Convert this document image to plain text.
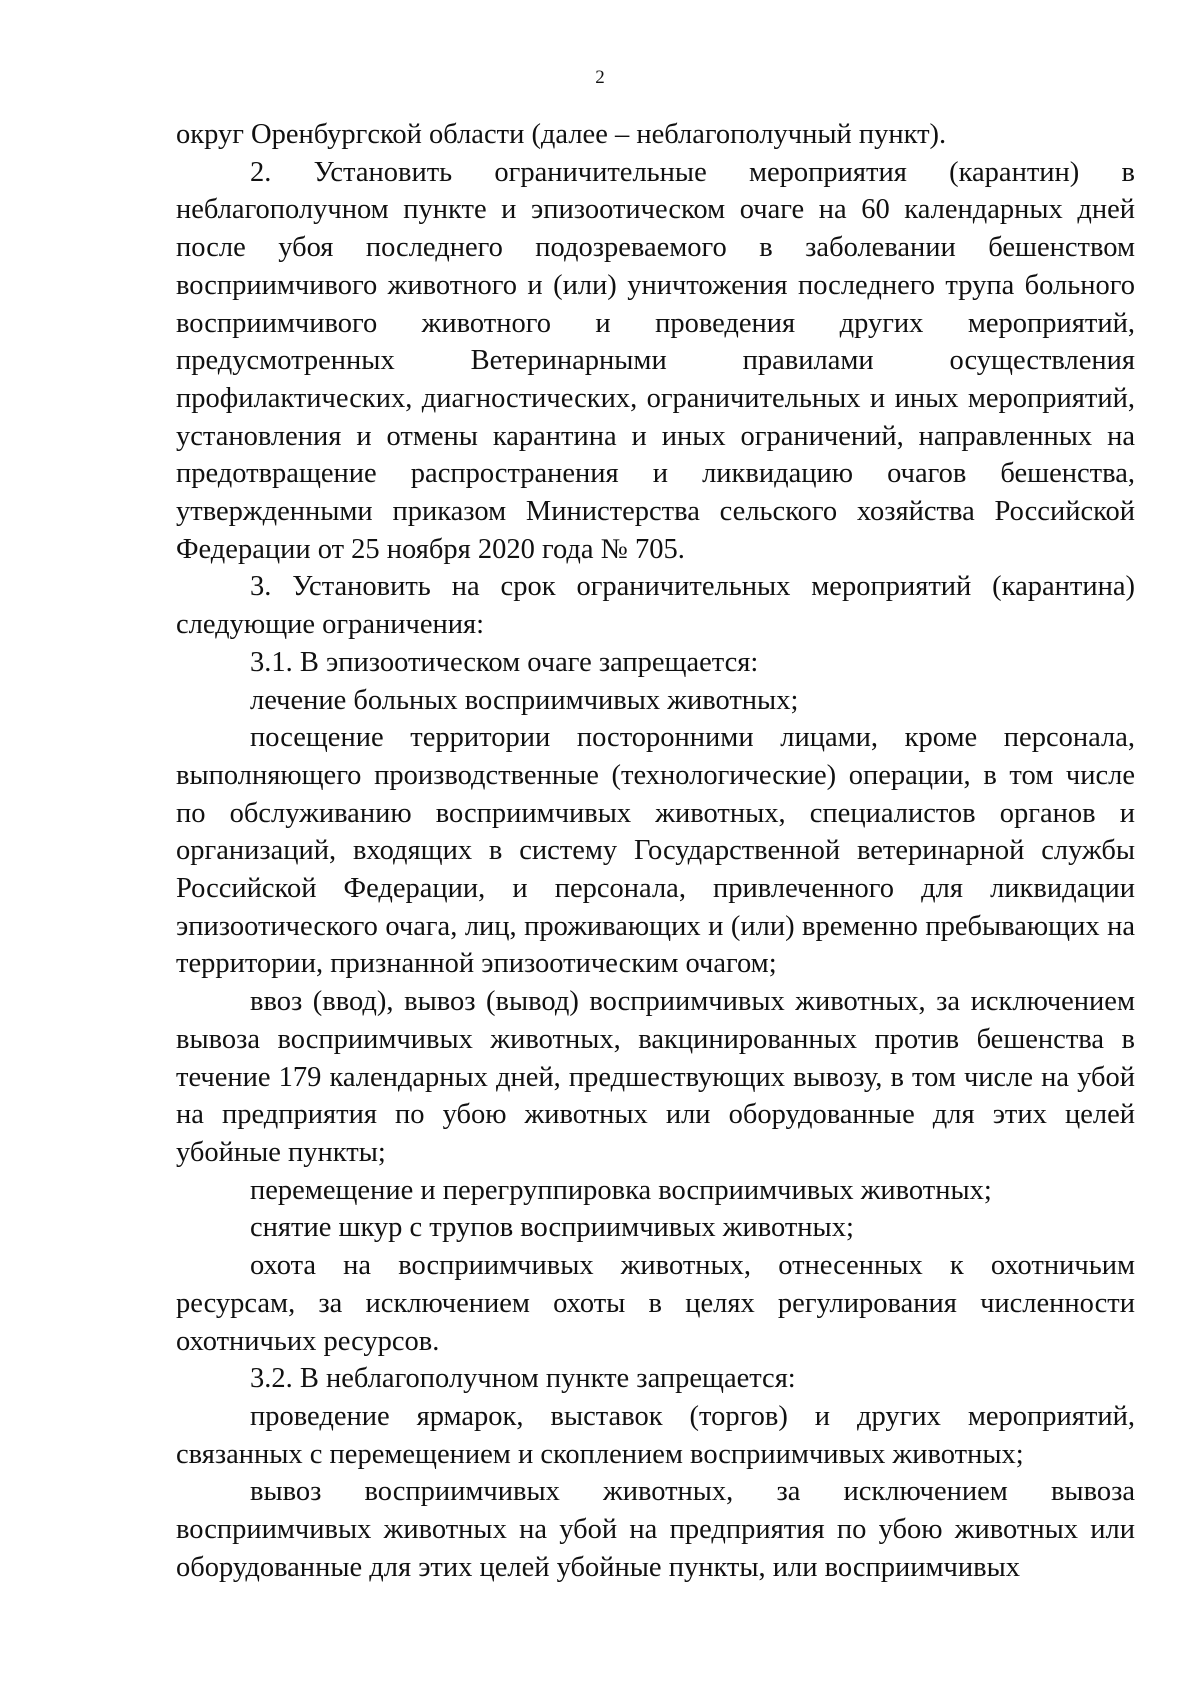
2

округ Оренбургской области (далее – неблагополучный пункт).

2. Установить ограничительные мероприятия (карантин) в неблагополучном пункте и эпизоотическом очаге на 60 календарных дней после убоя последнего подозреваемого в заболевании бешенством восприимчивого животного и (или) уничтожения последнего трупа больного восприимчивого животного и проведения других мероприятий, предусмотренных Ветеринарными правилами осуществления профилактических, диагностических, ограничительных и иных мероприятий, установления и отмены карантина и иных ограничений, направленных на предотвращение распространения и ликвидацию очагов бешенства, утвержденными приказом Министерства сельского хозяйства Российской Федерации от 25 ноября 2020 года № 705.

3. Установить на срок ограничительных мероприятий (карантина) следующие ограничения:

3.1. В эпизоотическом очаге запрещается:

лечение больных восприимчивых животных;

посещение территории посторонними лицами, кроме персонала, выполняющего производственные (технологические) операции, в том числе по обслуживанию восприимчивых животных, специалистов органов и организаций, входящих в систему Государственной ветеринарной службы Российской Федерации, и персонала, привлеченного для ликвидации эпизоотического очага, лиц, проживающих и (или) временно пребывающих на территории, признанной эпизоотическим очагом;

ввоз (ввод), вывоз (вывод) восприимчивых животных, за исключением вывоза восприимчивых животных, вакцинированных против бешенства в течение 179 календарных дней, предшествующих вывозу, в том числе на убой на предприятия по убою животных или оборудованные для этих целей убойные пункты;

перемещение и перегруппировка восприимчивых животных;

снятие шкур с трупов восприимчивых животных;

охота на восприимчивых животных, отнесенных к охотничьим ресурсам, за исключением охоты в целях регулирования численности охотничьих ресурсов.

3.2. В неблагополучном пункте запрещается:

проведение ярмарок, выставок (торгов) и других мероприятий, связанных с перемещением и скоплением восприимчивых животных;

вывоз восприимчивых животных, за исключением вывоза восприимчивых животных на убой на предприятия по убою животных или оборудованные для этих целей убойные пункты, или восприимчивых
